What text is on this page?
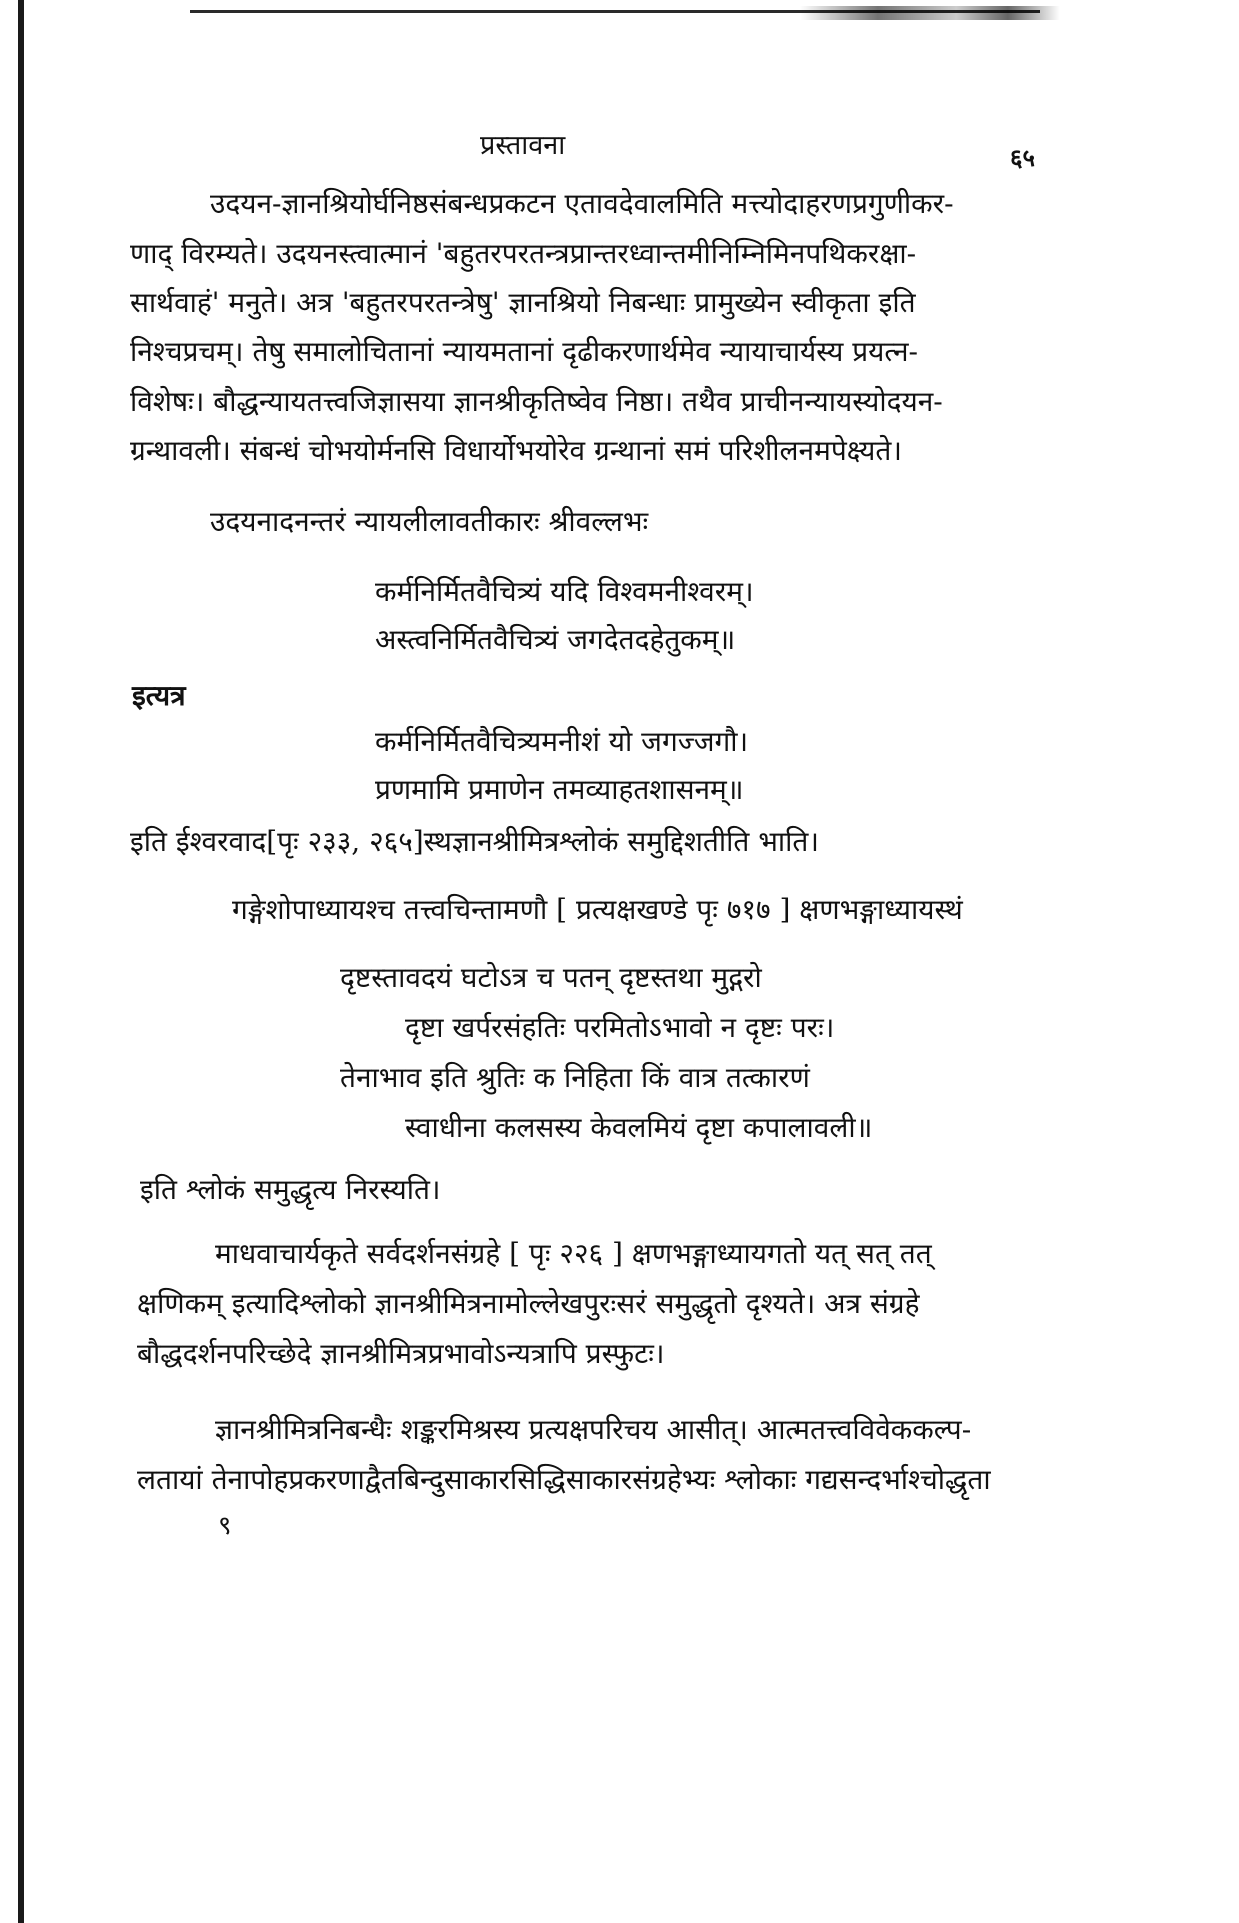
प्रस्तावना	६५
उदयन-ज्ञानश्रियोर्घनिष्ठसंबन्धप्रकटन एतावदेवालमिति मत्त्योदाहरणप्रगुणीकर-
णाद् विरम्यते। उदयनस्त्वात्मानं 'बहुतरपरतन्त्रप्रान्तरध्वान्तमीनिम्निमिनपथिकरक्षा-
सार्थवाहं' मनुते। अत्र 'बहुतरपरतन्त्रेषु' ज्ञानश्रियो निबन्धाः प्रामुख्येन स्वीकृता इति
निश्चप्रचम्। तेषु समालोचितानां न्यायमतानां दृढीकरणार्थमेव न्यायाचार्यस्य प्रयत्न-
विशेषः। बौद्धन्यायतत्त्वजिज्ञासया ज्ञानश्रीकृतिष्वेव निष्ठा। तथैव प्राचीनन्यायस्योदयन-
ग्रन्थावली। संबन्धं चोभयोर्मनसि विधार्योभयोरेव ग्रन्थानां समं परिशीलनमपेक्ष्यते।
उदयनादनन्तरं न्यायलीलावतीकारः श्रीवल्लभः
कर्मनिर्मितवैचित्र्यं यदि विश्वमनीश्वरम्।
अस्त्वनिर्मितवैचित्र्यं जगदेतदहेतुकम्॥
इत्यत्र
कर्मनिर्मितवैचित्र्यमनीशं यो जगज्जगौ।
प्रणमामि प्रमाणेन तमव्याहतशासनम्॥
इति ईश्वरवाद[पृः २३३, २६५]स्थज्ञानश्रीमित्रश्लोकं समुद्दिशतीति भाति।
गङ्गेशोपाध्यायश्च तत्त्वचिन्तामणौ [ प्रत्यक्षखण्डे पृः ७१७ ] क्षणभङ्गाध्यायस्थं
दृष्टस्तावदयं घटोऽत्र च पतन् दृष्टस्तथा मुद्गरो
दृष्टा खर्परसंहतिः परमितोऽभावो न दृष्टः परः।
तेनाभाव इति श्रुतिः क निहिता किं वात्र तत्कारणं
स्वाधीना कलसस्य केवलमियं दृष्टा कपालावली॥
इति श्लोकं समुद्धृत्य निरस्यति।
माधवाचार्यकृते सर्वदर्शनसंग्रहे [ पृः २२६ ] क्षणभङ्गाध्यायगतो यत् सत् तत्
क्षणिकम् इत्यादिश्लोको ज्ञानश्रीमित्रनामोल्लेखपुरःसरं समुद्धृतो दृश्यते। अत्र संग्रहे
बौद्धदर्शनपरिच्छेदे ज्ञानश्रीमित्रप्रभावोऽन्यत्रापि प्रस्फुटः।
ज्ञानश्रीमित्रनिबन्धैः शङ्करमिश्रस्य प्रत्यक्षपरिचय आसीत्। आत्मतत्त्वविवेककल्प-
लतायां तेनापोहप्रकरणाद्वैतबिन्दुसाकारसिद्धिसाकारसंग्रहेभ्यः श्लोकाः गद्यसन्दर्भाश्चोद्धृता
९
